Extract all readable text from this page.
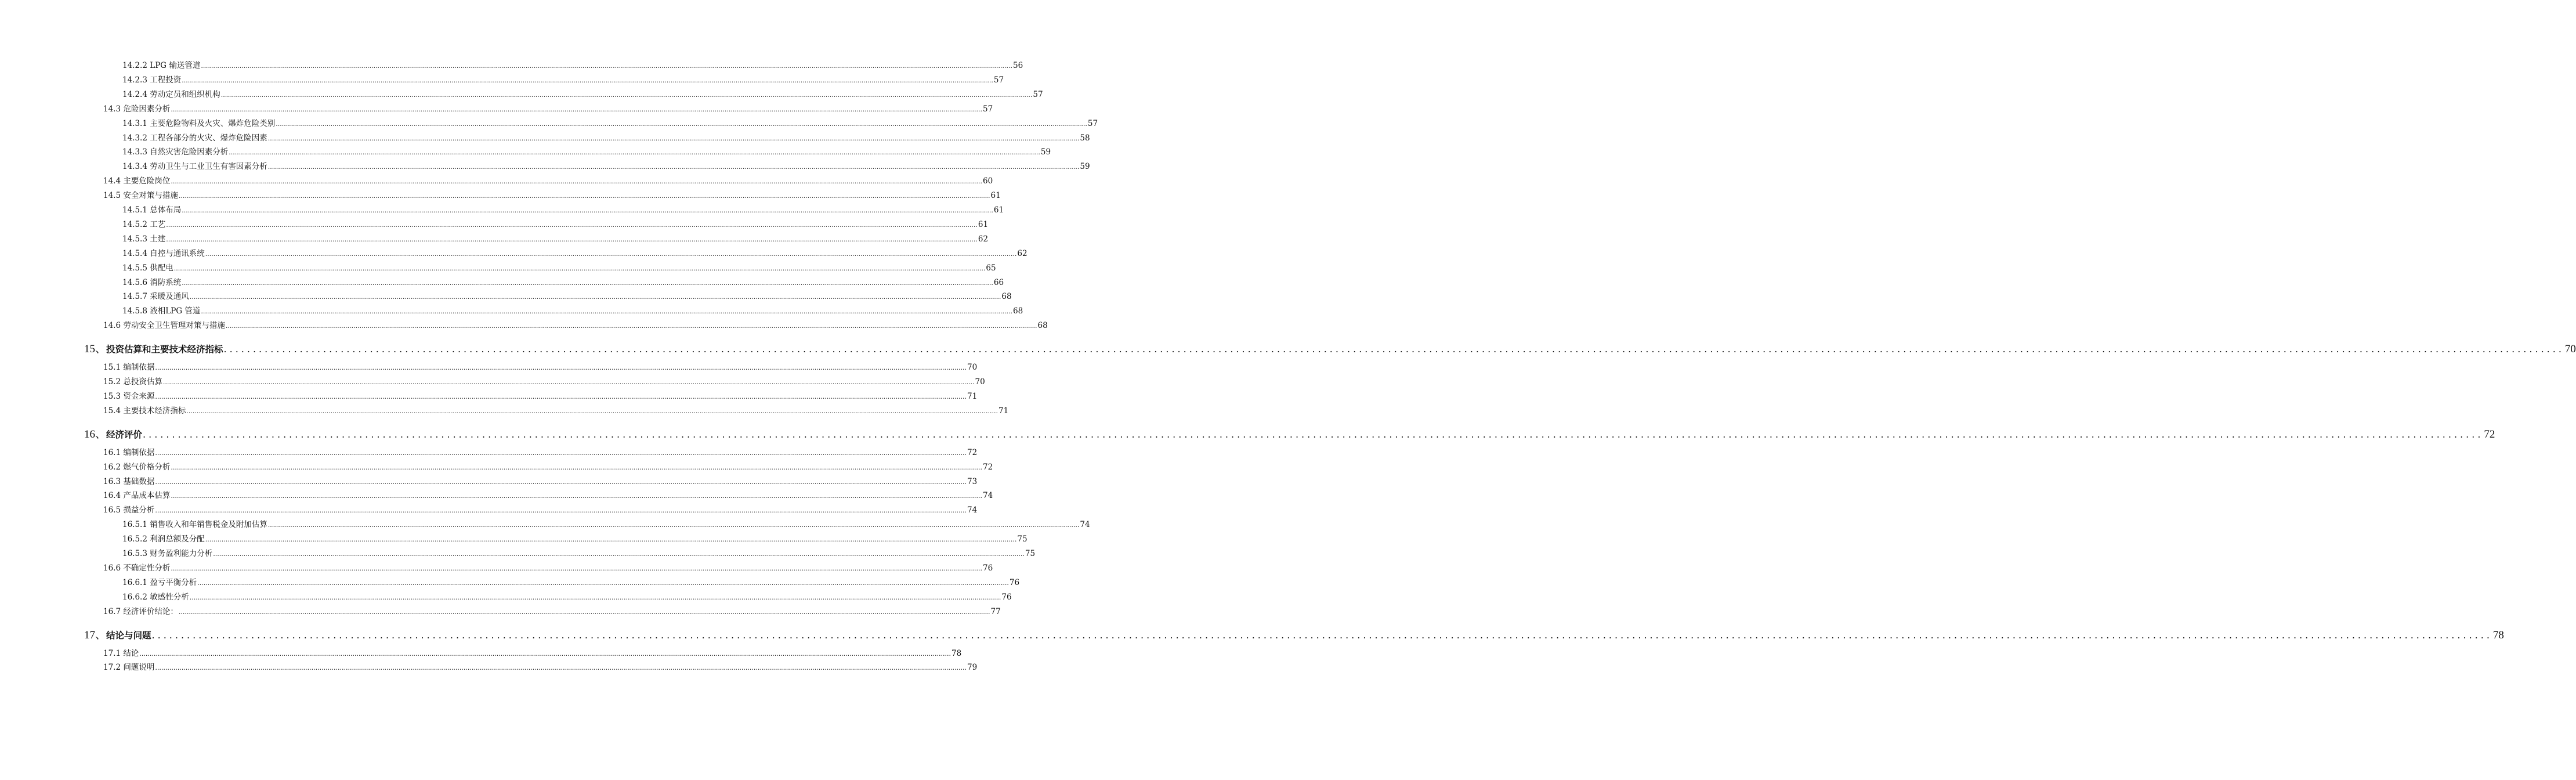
14.2.2 LPG 输送管道 ................................................................................................................................................................................................................................................................................................................................................................................................................ 56
14.2.3 工程投资 ................................................................................................................................................................................................................................................................................................................................................................................................................ 57
14.2.4 劳动定员和组织机构 ................................................................................................................................................................................................................................................................................................................................................................................................................ 57
14.3 危险因素分析 ................................................................................................................................................................................................................................................................................................................................................................................................................ 57
14.3.1 主要危险物料及火灾、爆炸危险类别 ................................................................................................................................................................................................................................................................................................................................................................................................................ 57
14.3.2 工程各部分的火灾、爆炸危险因素 ................................................................................................................................................................................................................................................................................................................................................................................................................ 58
14.3.3 自然灾害危险因素分析 ................................................................................................................................................................................................................................................................................................................................................................................................................ 59
14.3.4 劳动卫生与工业卫生有害因素分析 ................................................................................................................................................................................................................................................................................................................................................................................................................ 59
14.4 主要危险岗位 ................................................................................................................................................................................................................................................................................................................................................................................................................ 60
14.5 安全对策与措施 ................................................................................................................................................................................................................................................................................................................................................................................................................ 61
14.5.1 总体布局 ................................................................................................................................................................................................................................................................................................................................................................................................................ 61
14.5.2 工艺 ................................................................................................................................................................................................................................................................................................................................................................................................................ 61
14.5.3 土建 ................................................................................................................................................................................................................................................................................................................................................................................................................ 62
14.5.4 自控与通讯系统 ................................................................................................................................................................................................................................................................................................................................................................................................................ 62
14.5.5 供配电 ................................................................................................................................................................................................................................................................................................................................................................................................................ 65
14.5.6 消防系统 ................................................................................................................................................................................................................................................................................................................................................................................................................ 66
14.5.7 采暖及通风 ................................................................................................................................................................................................................................................................................................................................................................................................................ 68
14.5.8 液相LPG 管道 ................................................................................................................................................................................................................................................................................................................................................................................................................ 68
14.6 劳动安全卫生管理对策与措施 ................................................................................................................................................................................................................................................................................................................................................................................................................ 68
15、投资估算和主要技术经济指标 ................................................................................................................................................................................................................................................................................................................................................................................................................ 70
15.1 编制依据 ................................................................................................................................................................................................................................................................................................................................................................................................................ 70
15.2 总投资估算 ................................................................................................................................................................................................................................................................................................................................................................................................................ 70
15.3 资金来源 ................................................................................................................................................................................................................................................................................................................................................................................................................ 71
15.4 主要技术经济指标 ................................................................................................................................................................................................................................................................................................................................................................................................................ 71
16、经济评价 ................................................................................................................................................................................................................................................................................................................................................................................................................ 72
16.1 编制依据 ................................................................................................................................................................................................................................................................................................................................................................................................................ 72
16.2 燃气价格分析 ................................................................................................................................................................................................................................................................................................................................................................................................................ 72
16.3 基础数据 ................................................................................................................................................................................................................................................................................................................................................................................................................ 73
16.4 产品成本估算 ................................................................................................................................................................................................................................................................................................................................................................................................................ 74
16.5 损益分析 ................................................................................................................................................................................................................................................................................................................................................................................................................ 74
16.5.1 销售收入和年销售税金及附加估算 ................................................................................................................................................................................................................................................................................................................................................................................................................ 74
16.5.2 利润总额及分配 ................................................................................................................................................................................................................................................................................................................................................................................................................ 75
16.5.3 财务盈利能力分析 ................................................................................................................................................................................................................................................................................................................................................................................................................ 75
16.6 不确定性分析 ................................................................................................................................................................................................................................................................................................................................................................................................................ 76
16.6.1 盈亏平衡分析 ................................................................................................................................................................................................................................................................................................................................................................................................................ 76
16.6.2 敏感性分析 ................................................................................................................................................................................................................................................................................................................................................................................................................ 76
16.7 经济评价结论： ................................................................................................................................................................................................................................................................................................................................................................................................................ 77
17、结论与问题 ................................................................................................................................................................................................................................................................................................................................................................................................................ 78
17.1 结论 ................................................................................................................................................................................................................................................................................................................................................................................................................ 78
17.2 问题说明 ................................................................................................................................................................................................................................................................................................................................................................................................................ 79
